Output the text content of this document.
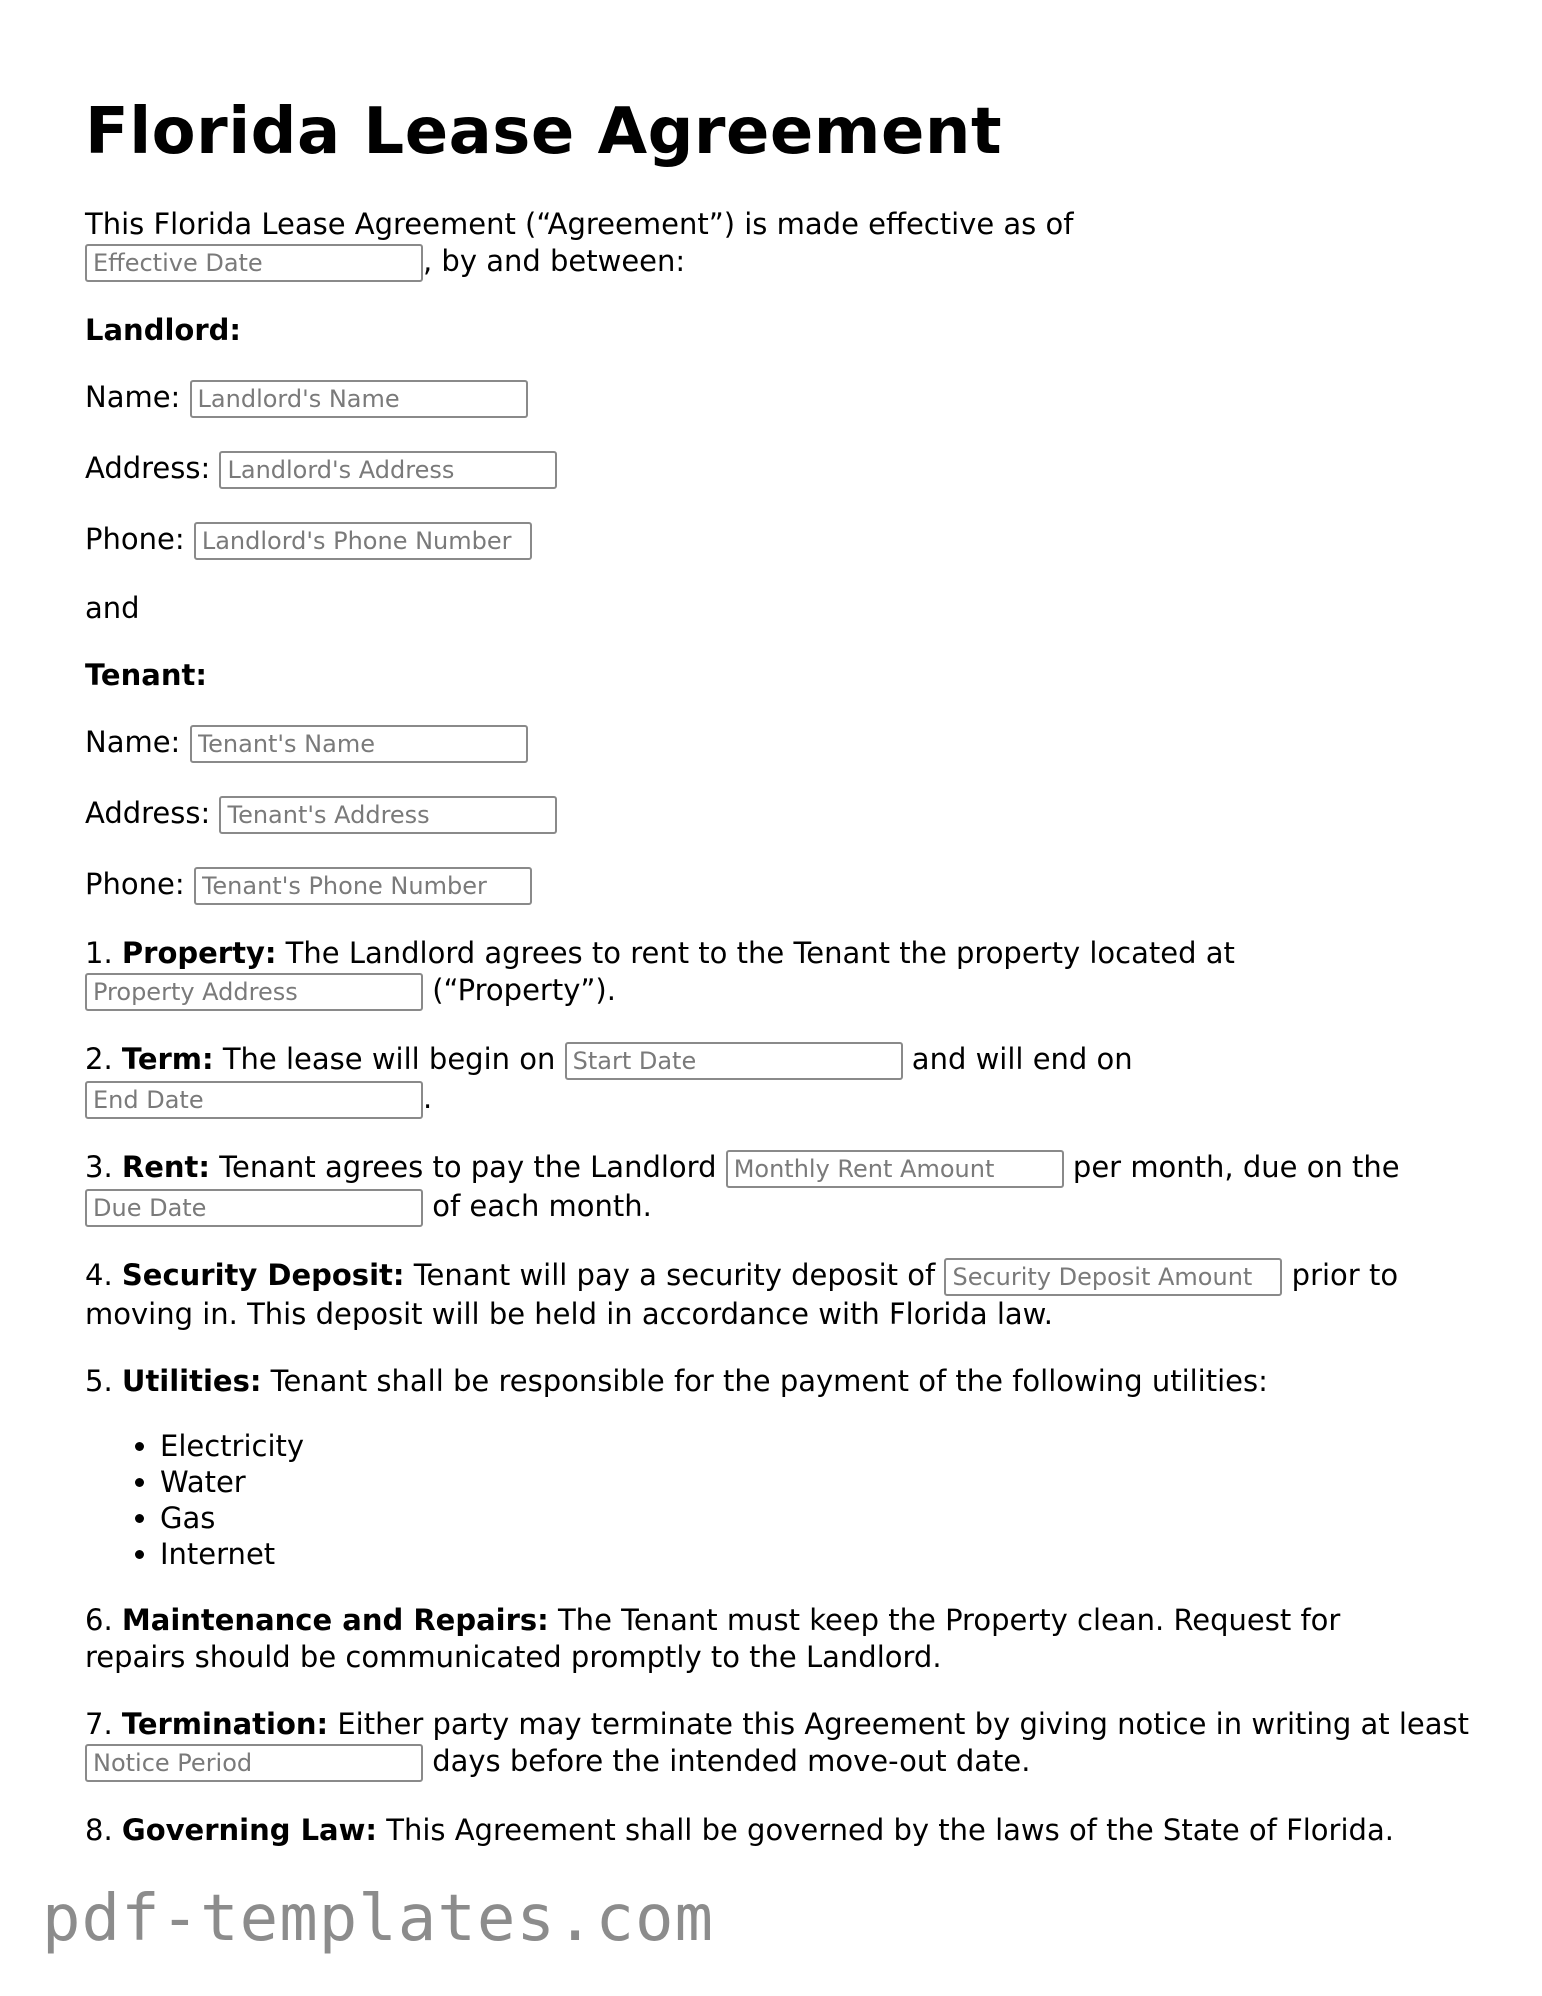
Florida Lease Agreement

This Florida Lease Agreement (“Agreement”) is made effective as of
Effective Date, by and between:

Landlord:

Name: Landlord's Name

Address: Landlord's Address

Phone: Landlord's Phone Number

and

Tenant:

Name: Tenant's Name

Address: Tenant's Address

Phone: Tenant's Phone Number

1. Property: The Landlord agrees to rent to the Tenant the property located at
Property Address (“Property”).

2. Term: The lease will begin on Start Date	and will end on
End Date.

3. Rent: Tenant agrees to pay the Landlord Monthly Rent Amount	per month, due on the
Due Date of each month.

4. Security Deposit: Tenant will pay a security deposit of Security Deposit Amount	prior to moving in. This deposit will be held in accordance with Florida law.

5. Utilities: Tenant shall be responsible for the payment of the following utilities:

• Electricity
• Water
• Gas
• Internet

6. Maintenance and Repairs: The Tenant must keep the Property clean. Request for repairs should be communicated promptly to the Landlord.

7. Termination: Either party may terminate this Agreement by giving notice in writing at least Notice Period days before the intended move-out date.

8. Governing Law: This Agreement shall be governed by the laws of the State of Florida.

pdf-templates.com
